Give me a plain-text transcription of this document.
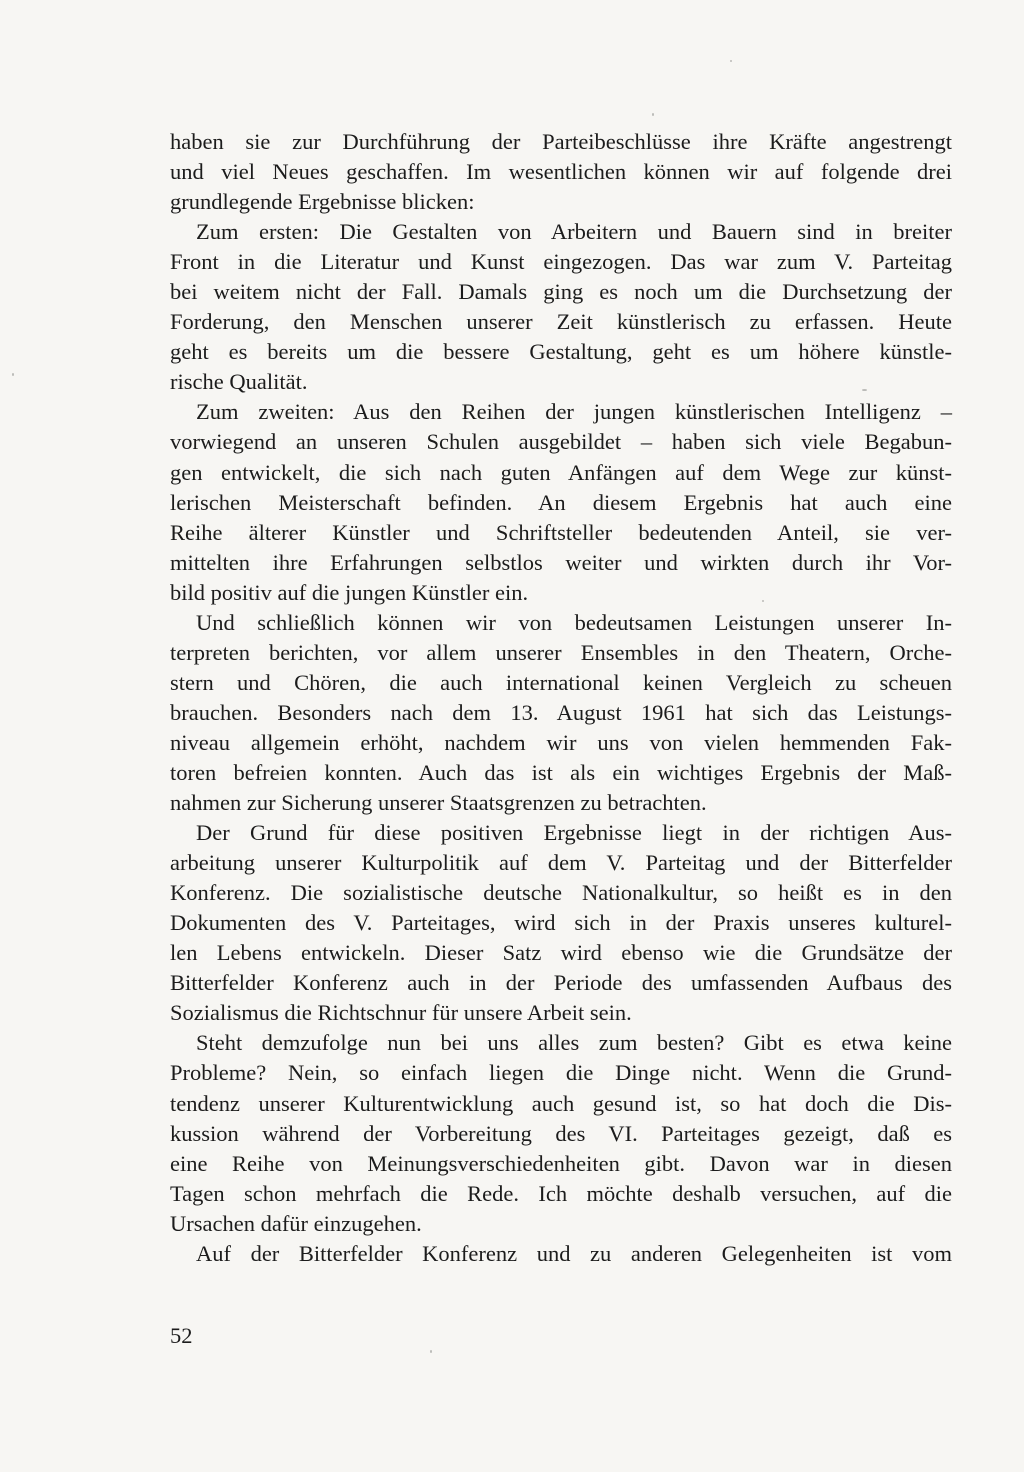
haben sie zur Durchführung der Parteibeschlüsse ihre Kräfte angestrengt
und viel Neues geschaffen. Im wesentlichen können wir auf folgende drei
grundlegende Ergebnisse blicken:
Zum ersten: Die Gestalten von Arbeitern und Bauern sind in breiter
Front in die Literatur und Kunst eingezogen. Das war zum V. Parteitag
bei weitem nicht der Fall. Damals ging es noch um die Durchsetzung der
Forderung, den Menschen unserer Zeit künstlerisch zu erfassen. Heute
geht es bereits um die bessere Gestaltung, geht es um höhere künstle-
rische Qualität.
Zum zweiten: Aus den Reihen der jungen künstlerischen Intelligenz –
vorwiegend an unseren Schulen ausgebildet – haben sich viele Begabun-
gen entwickelt, die sich nach guten Anfängen auf dem Wege zur künst-
lerischen Meisterschaft befinden. An diesem Ergebnis hat auch eine
Reihe älterer Künstler und Schriftsteller bedeutenden Anteil, sie ver-
mittelten ihre Erfahrungen selbstlos weiter und wirkten durch ihr Vor-
bild positiv auf die jungen Künstler ein.
Und schließlich können wir von bedeutsamen Leistungen unserer In-
terpreten berichten, vor allem unserer Ensembles in den Theatern, Orche-
stern und Chören, die auch international keinen Vergleich zu scheuen
brauchen. Besonders nach dem 13. August 1961 hat sich das Leistungs-
niveau allgemein erhöht, nachdem wir uns von vielen hemmenden Fak-
toren befreien konnten. Auch das ist als ein wichtiges Ergebnis der Maß-
nahmen zur Sicherung unserer Staatsgrenzen zu betrachten.
Der Grund für diese positiven Ergebnisse liegt in der richtigen Aus-
arbeitung unserer Kulturpolitik auf dem V. Parteitag und der Bitterfelder
Konferenz. Die sozialistische deutsche Nationalkultur, so heißt es in den
Dokumenten des V. Parteitages, wird sich in der Praxis unseres kulturel-
len Lebens entwickeln. Dieser Satz wird ebenso wie die Grundsätze der
Bitterfelder Konferenz auch in der Periode des umfassenden Aufbaus des
Sozialismus die Richtschnur für unsere Arbeit sein.
Steht demzufolge nun bei uns alles zum besten? Gibt es etwa keine
Probleme? Nein, so einfach liegen die Dinge nicht. Wenn die Grund-
tendenz unserer Kulturentwicklung auch gesund ist, so hat doch die Dis-
kussion während der Vorbereitung des VI. Parteitages gezeigt, daß es
eine Reihe von Meinungsverschiedenheiten gibt. Davon war in diesen
Tagen schon mehrfach die Rede. Ich möchte deshalb versuchen, auf die
Ursachen dafür einzugehen.
Auf der Bitterfelder Konferenz und zu anderen Gelegenheiten ist vom
52
